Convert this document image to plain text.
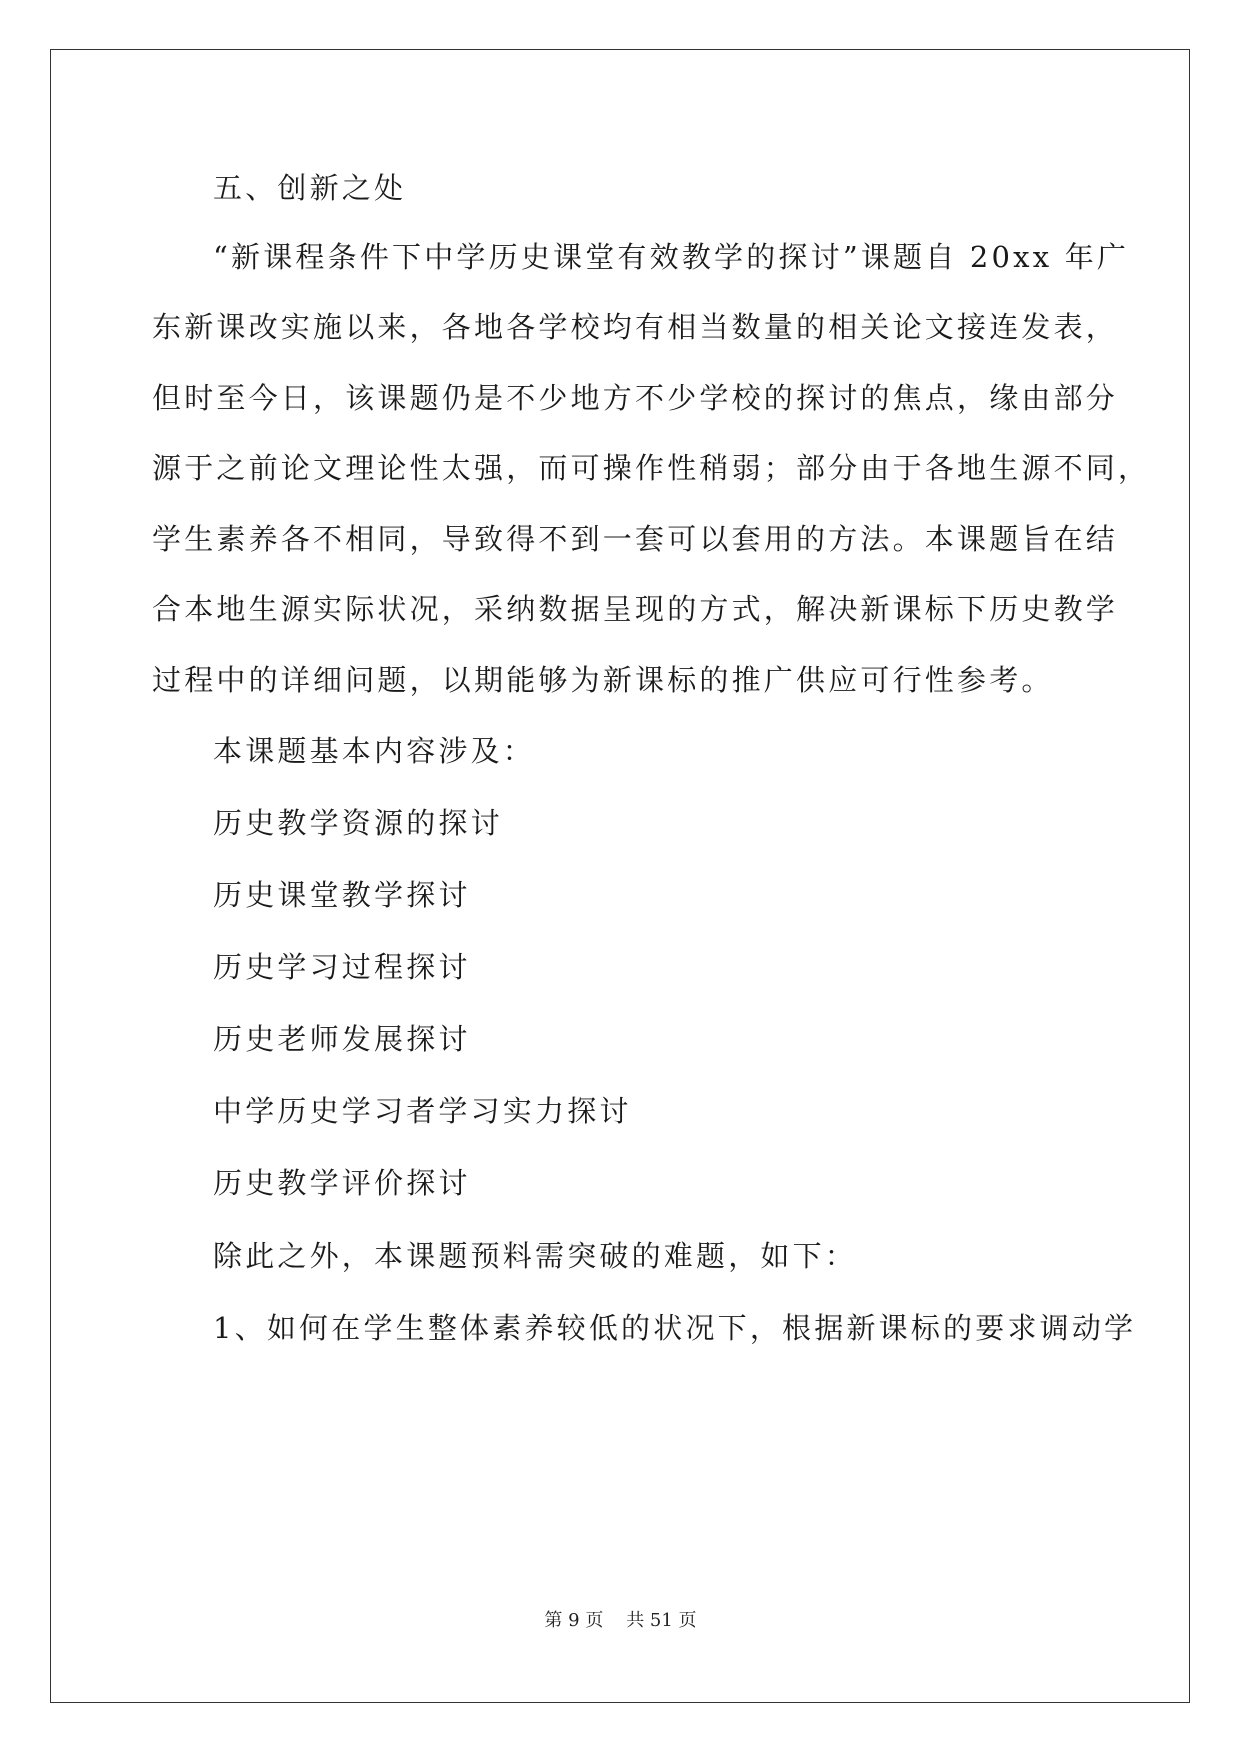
五、创新之处
“新课程条件下中学历史课堂有效教学的探讨”课题自 20xx 年广
东新课改实施以来，各地各学校均有相当数量的相关论文接连发表，
但时至今日，该课题仍是不少地方不少学校的探讨的焦点，缘由部分
源于之前论文理论性太强，而可操作性稍弱；部分由于各地生源不同，
学生素养各不相同，导致得不到一套可以套用的方法。本课题旨在结
合本地生源实际状况，采纳数据呈现的方式，解决新课标下历史教学
过程中的详细问题，以期能够为新课标的推广供应可行性参考。
本课题基本内容涉及：
历史教学资源的探讨
历史课堂教学探讨
历史学习过程探讨
历史老师发展探讨
中学历史学习者学习实力探讨
历史教学评价探讨
除此之外，本课题预料需突破的难题，如下：
1、如何在学生整体素养较低的状况下，根据新课标的要求调动学
第 9 页    共 51 页
